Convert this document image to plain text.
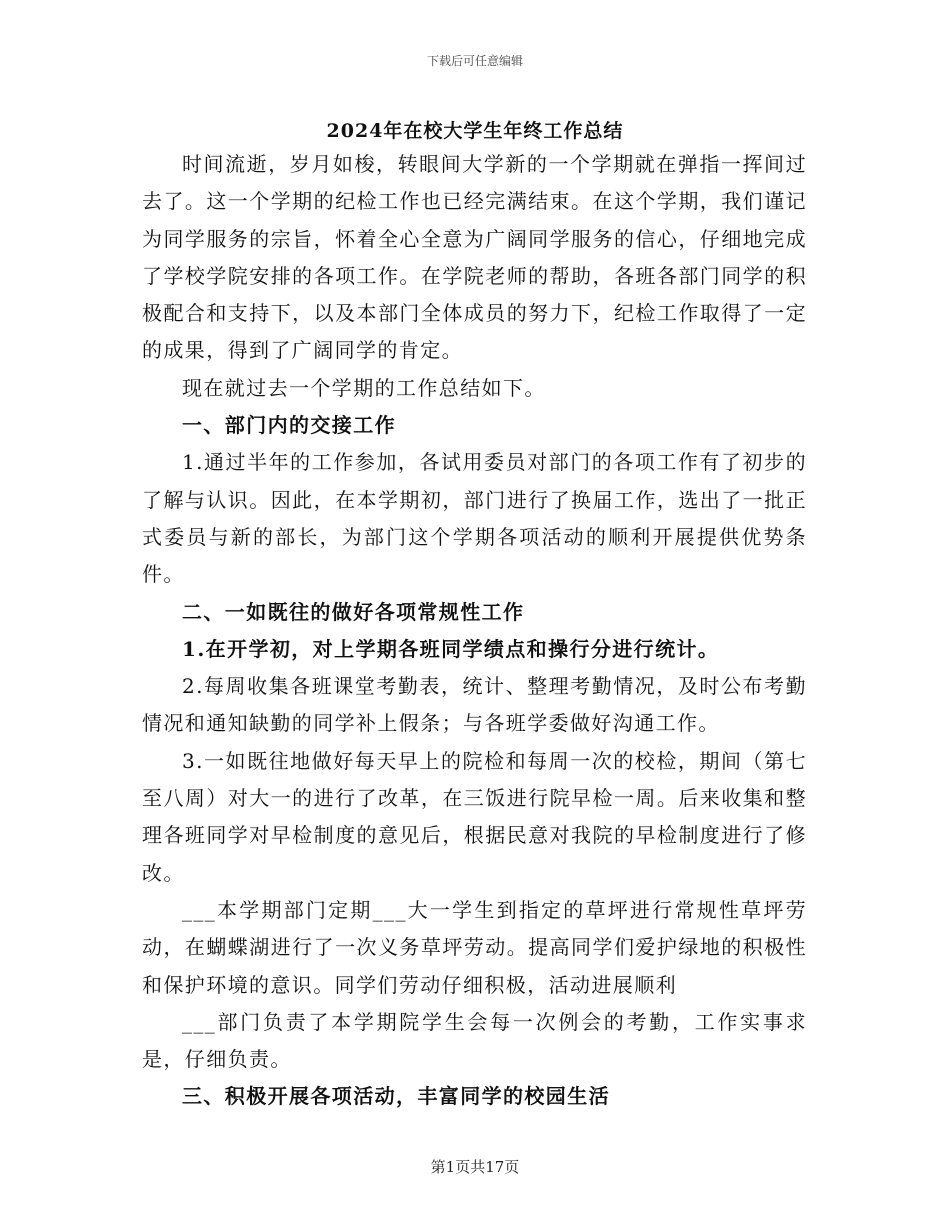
下载后可任意编辑
2024年在校大学生年终工作总结

时间流逝，岁月如梭，转眼间大学新的一个学期就在弹指一挥间过去了。这一个学期的纪检工作也已经完满结束。在这个学期，我们谨记为同学服务的宗旨，怀着全心全意为广阔同学服务的信心，仔细地完成了学校学院安排的各项工作。在学院老师的帮助，各班各部门同学的积极配合和支持下，以及本部门全体成员的努力下，纪检工作取得了一定的成果，得到了广阔同学的肯定。

现在就过去一个学期的工作总结如下。

一、部门内的交接工作

1.通过半年的工作参加，各试用委员对部门的各项工作有了初步的了解与认识。因此，在本学期初，部门进行了换届工作，选出了一批正式委员与新的部长，为部门这个学期各项活动的顺利开展提供优势条件。

二、一如既往的做好各项常规性工作

1.在开学初，对上学期各班同学绩点和操行分进行统计。

2.每周收集各班课堂考勤表，统计、整理考勤情况，及时公布考勤情况和通知缺勤的同学补上假条；与各班学委做好沟通工作。

3.一如既往地做好每天早上的院检和每周一次的校检，期间（第七至八周）对大一的进行了改革，在三饭进行院早检一周。后来收集和整理各班同学对早检制度的意见后，根据民意对我院的早检制度进行了修改。

___本学期部门定期___大一学生到指定的草坪进行常规性草坪劳动，在蝴蝶湖进行了一次义务草坪劳动。提高同学们爱护绿地的积极性和保护环境的意识。同学们劳动仔细积极，活动进展顺利

___部门负责了本学期院学生会每一次例会的考勤，工作实事求是，仔细负责。

三、积极开展各项活动，丰富同学的校园生活

第1页共17页
